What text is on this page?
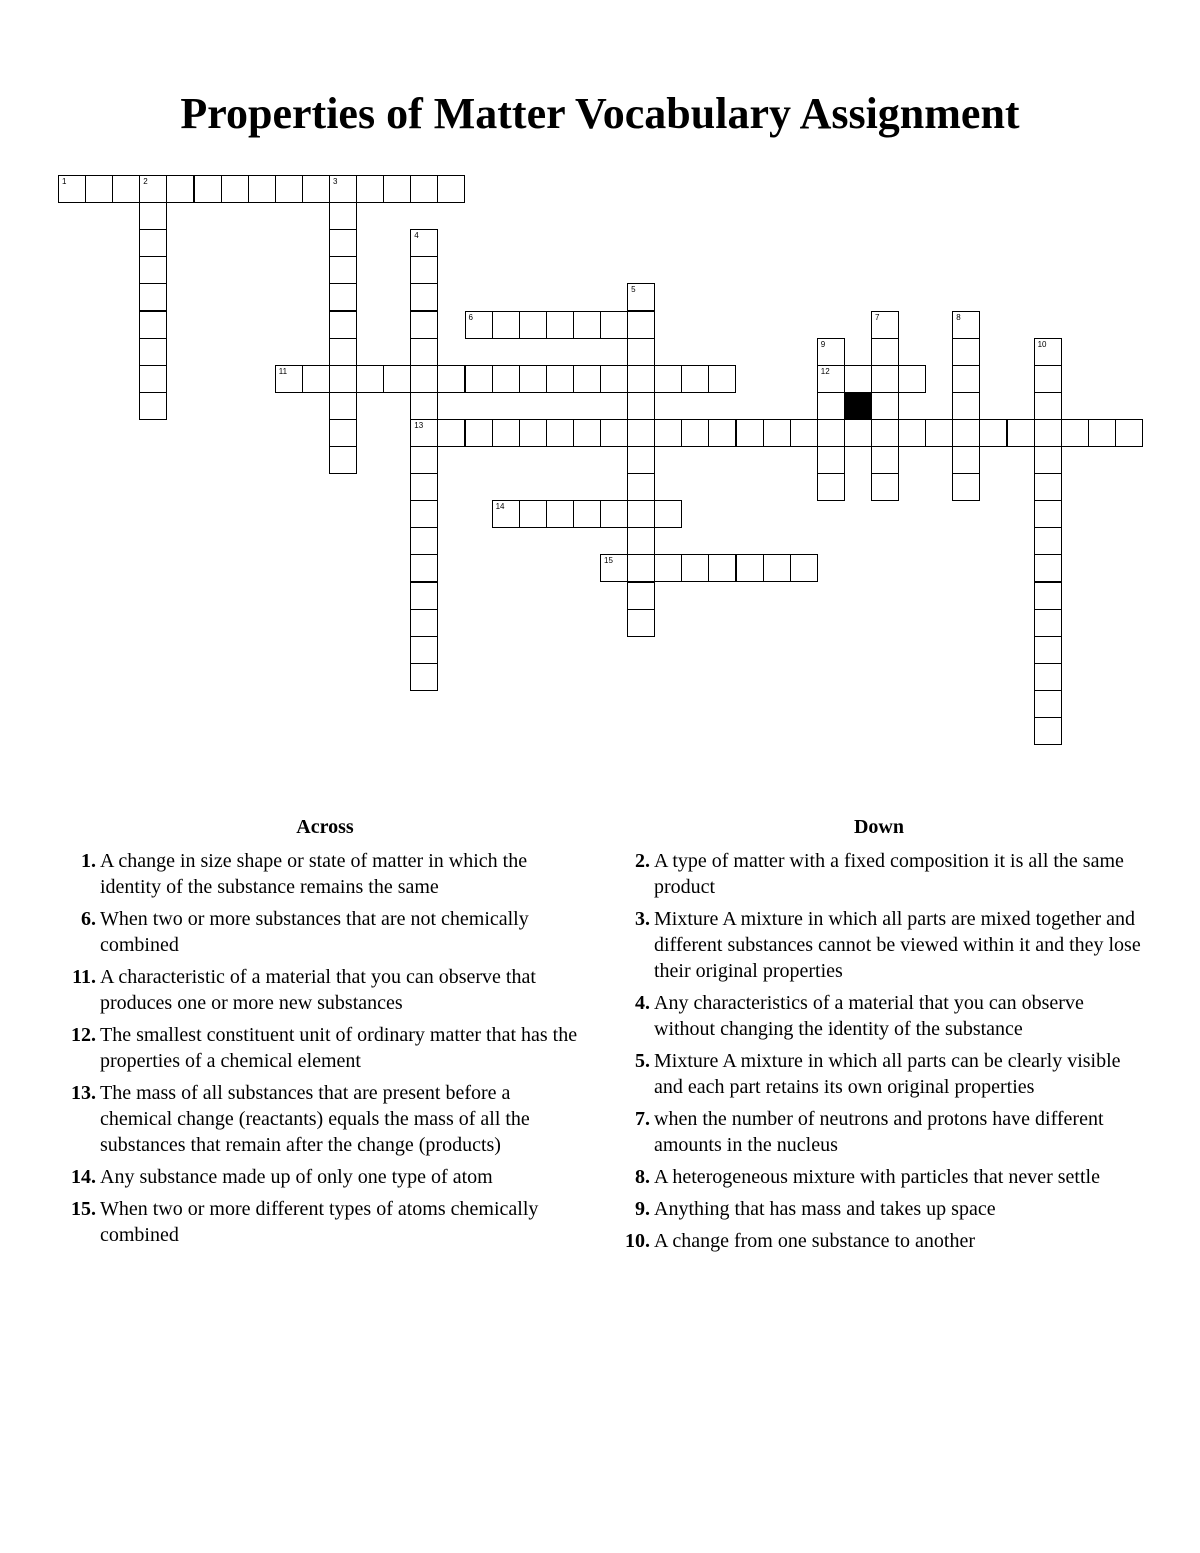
Properties of Matter Vocabulary Assignment
1	2	3
6
11	12
13
14
15
4
5
7	8
9	10
Across	Down
1. A change in size shape or state of matter in which the identity of the substance remains the same
6. When two or more substances that are not chemically combined
11. A characteristic of a material that you can observe that produces one or more new substances
12. The smallest constituent unit of ordinary matter that has the properties of a chemical element
13. The mass of all substances that are present before a chemical change (reactants) equals the mass of all the substances that remain after the change (products)
14. Any substance made up of only one type of atom
15. When two or more different types of atoms chemically combined
2. A type of matter with a fixed composition it is all the same product
3. Mixture A mixture in which all parts are mixed together and different substances cannot be viewed within it and they lose their original properties
4. Any characteristics of a material that you can observe without changing the identity of the substance
5. Mixture A mixture in which all parts can be clearly visible and each part retains its own original properties
7. when the number of neutrons and protons have different amounts in the nucleus
8. A heterogeneous mixture with particles that never settle
9. Anything that has mass and takes up space
10. A change from one substance to another
